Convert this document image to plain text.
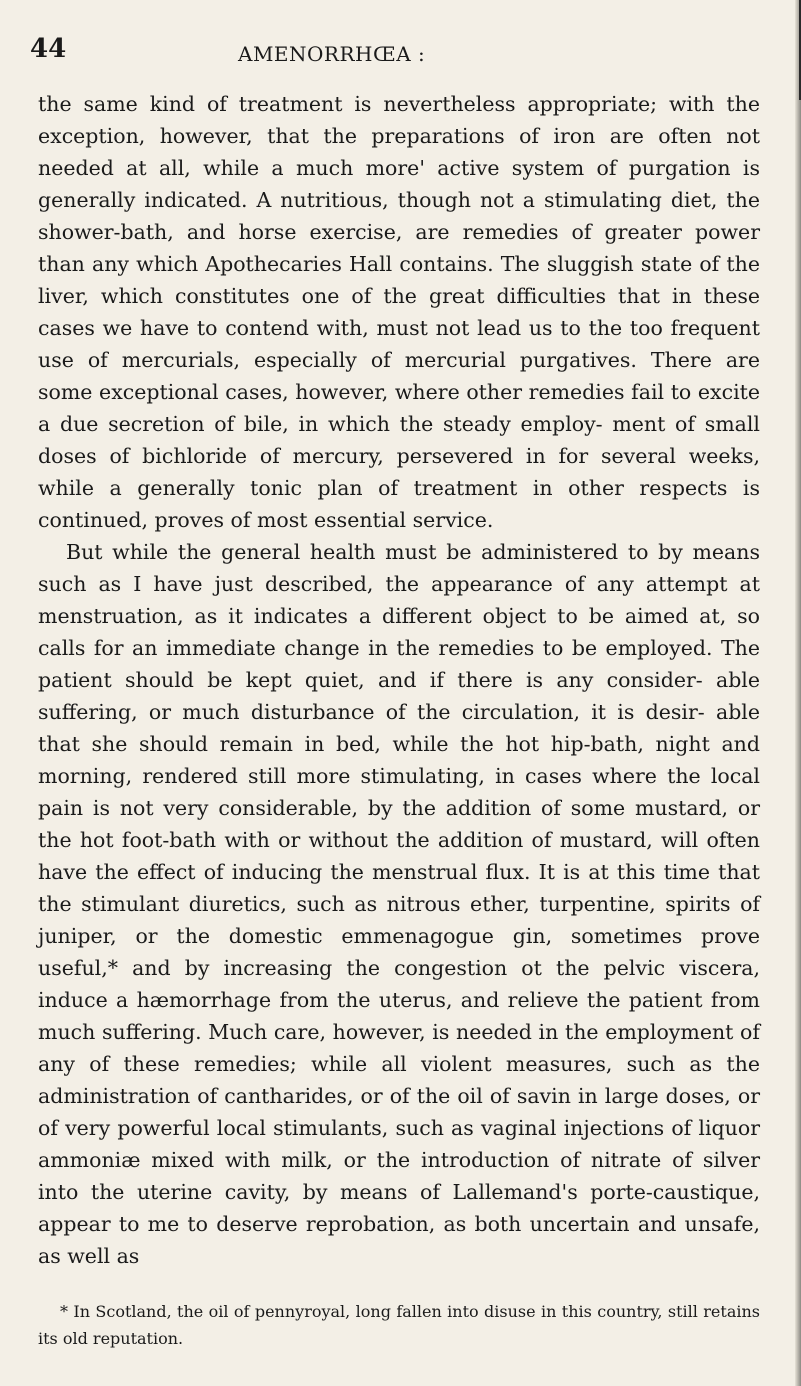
44	AMENORRHŒA :

the same kind of treatment is nevertheless appropriate; with the exception, however, that the preparations of iron are often not needed at all, while a much more' active system of purgation is generally indicated. A nutritious, though not a stimulating diet, the shower-bath, and horse exercise, are remedies of greater power than any which Apothecaries Hall contains. The sluggish state of the liver, which constitutes one of the great difficulties that in these cases we have to contend with, must not lead us to the too frequent use of mercurials, especially of mercurial purgatives. There are some exceptional cases, however, where other remedies fail to excite a due secretion of bile, in which the steady employ- ment of small doses of bichloride of mercury, persevered in for several weeks, while a generally tonic plan of treatment in other respects is continued, proves of most essential service.

But while the general health must be administered to by means such as I have just described, the appearance of any attempt at menstruation, as it indicates a different object to be aimed at, so calls for an immediate change in the remedies to be employed. The patient should be kept quiet, and if there is any consider- able suffering, or much disturbance of the circulation, it is desir- able that she should remain in bed, while the hot hip-bath, night and morning, rendered still more stimulating, in cases where the local pain is not very considerable, by the addition of some mustard, or the hot foot-bath with or without the addition of mustard, will often have the effect of inducing the menstrual flux. It is at this time that the stimulant diuretics, such as nitrous ether, turpentine, spirits of juniper, or the domestic emmenagogue gin, sometimes prove useful,* and by increasing the congestion ot the pelvic viscera, induce a hæmorrhage from the uterus, and relieve the patient from much suffering. Much care, however, is needed in the employment of any of these remedies; while all violent measures, such as the administration of cantharides, or of the oil of savin in large doses, or of very powerful local stimulants, such as vaginal injections of liquor ammoniæ mixed with milk, or the introduction of nitrate of silver into the uterine cavity, by means of Lallemand's porte-caustique, appear to me to deserve reprobation, as both uncertain and unsafe, as well as

* In Scotland, the oil of pennyroyal, long fallen into disuse in this country, still retains its old reputation.
